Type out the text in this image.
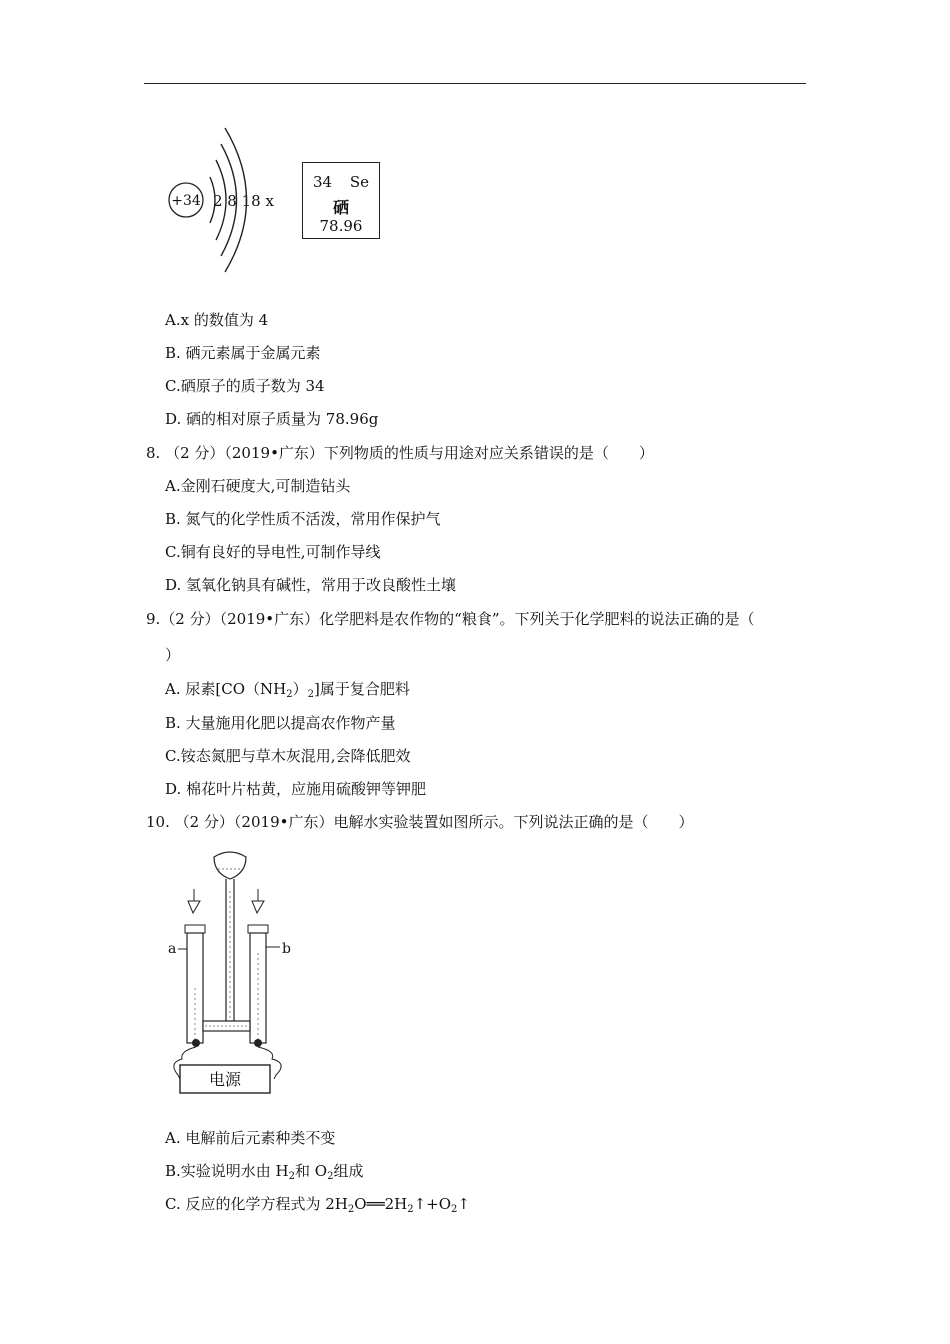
+34 2 8 18 x
34 Se
硒
78.96
A.x 的数值为 4
B. 硒元素属于金属元素
C.硒原子的质子数为 34
D. 硒的相对原子质量为 78.96g
8. （2 分）（2019•广东）下列物质的性质与用途对应关系错误的是（　　）
A.金刚石硬度大,可制造钻头
B. 氮气的化学性质不活泼，常用作保护气
C.铜有良好的导电性,可制作导线
D. 氢氧化钠具有碱性，常用于改良酸性土壤
9.（2 分）（2019•广东）化学肥料是农作物的“粮食”。下列关于化学肥料的说法正确的是（
）
A. 尿素$[CO(NH_2)_2]$属于复合肥料
B. 大量施用化肥以提高农作物产量
C.铵态氮肥与草木灰混用,会降低肥效
D. 棉花叶片枯黄，应施用硫酸钾等钾肥
10. （2 分）（2019•广东）电解水实验装置如图所示。下列说法正确的是（　　）
a	b
电源
A. 电解前后元素种类不变
B.实验说明水由 $H_2$和 $O_2$组成
C. 反应的化学方程式为 $2H_2O══2H_2↑+O_2↑$
